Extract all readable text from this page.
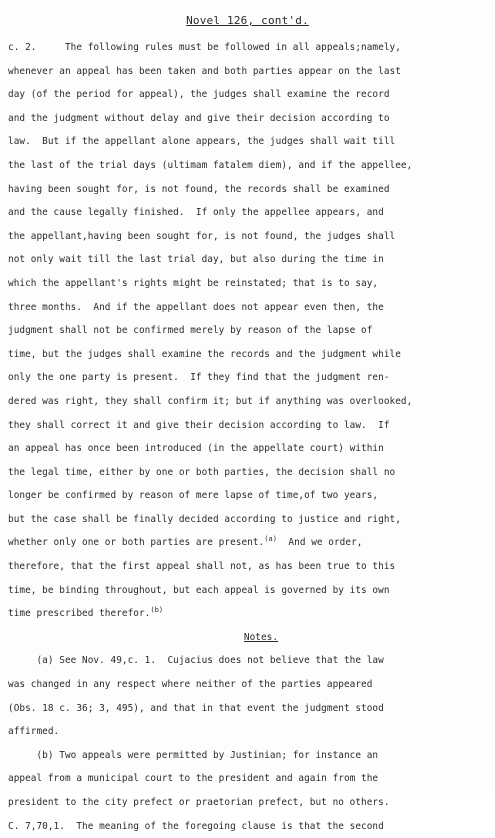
Novel 126, cont'd.
c. 2.     The following rules must be followed in all appeals;namely,
whenever an appeal has been taken and both parties appear on the last
day (of the period for appeal), the judges shall examine the record
and the judgment without delay and give their decision according to
law.  But if the appellant alone appears, the judges shall wait till
the last of the trial days (ultimam fatalem diem), and if the appellee,
having been sought for, is not found, the records shall be examined
and the cause legally finished.  If only the appellee appears, and
the appellant,having been sought for, is not found, the judges shall
not only wait till the last trial day, but also during the time in
which the appellant's rights might be reinstated; that is to say,
three months.  And if the appellant does not appear even then, the
judgment shall not be confirmed merely by reason of the lapse of
time, but the judges shall examine the records and the judgment while
only the one party is present.  If they find that the judgment ren-
dered was right, they shall confirm it; but if anything was overlooked,
they shall correct it and give their decision according to law.  If
an appeal has once been introduced (in the appellate court) within
the legal time, either by one or both parties, the decision shall no
longer be confirmed by reason of mere lapse of time,of two years,
but the case shall be finally decided according to justice and right,
whether only one or both parties are present.$^{(a)}$  And we order,
therefore, that the first appeal shall not, as has been true to this
time, be binding throughout, but each appeal is governed by its own
time prescribed therefor.$^{(b)}$
Notes.
(a) See Nov. 49,c. 1.  Cujacius does not believe that the law
was changed in any respect where neither of the parties appeared
(Obs. 18 c. 36; 3, 495), and that in that event the judgment stood
affirmed.
(b) Two appeals were permitted by Justinian; for instance an
appeal from a municipal court to the president and again from the
president to the city prefect or praetorian prefect, but no others.
C. 7,70,1.  The meaning of the foregoing clause is that the second
